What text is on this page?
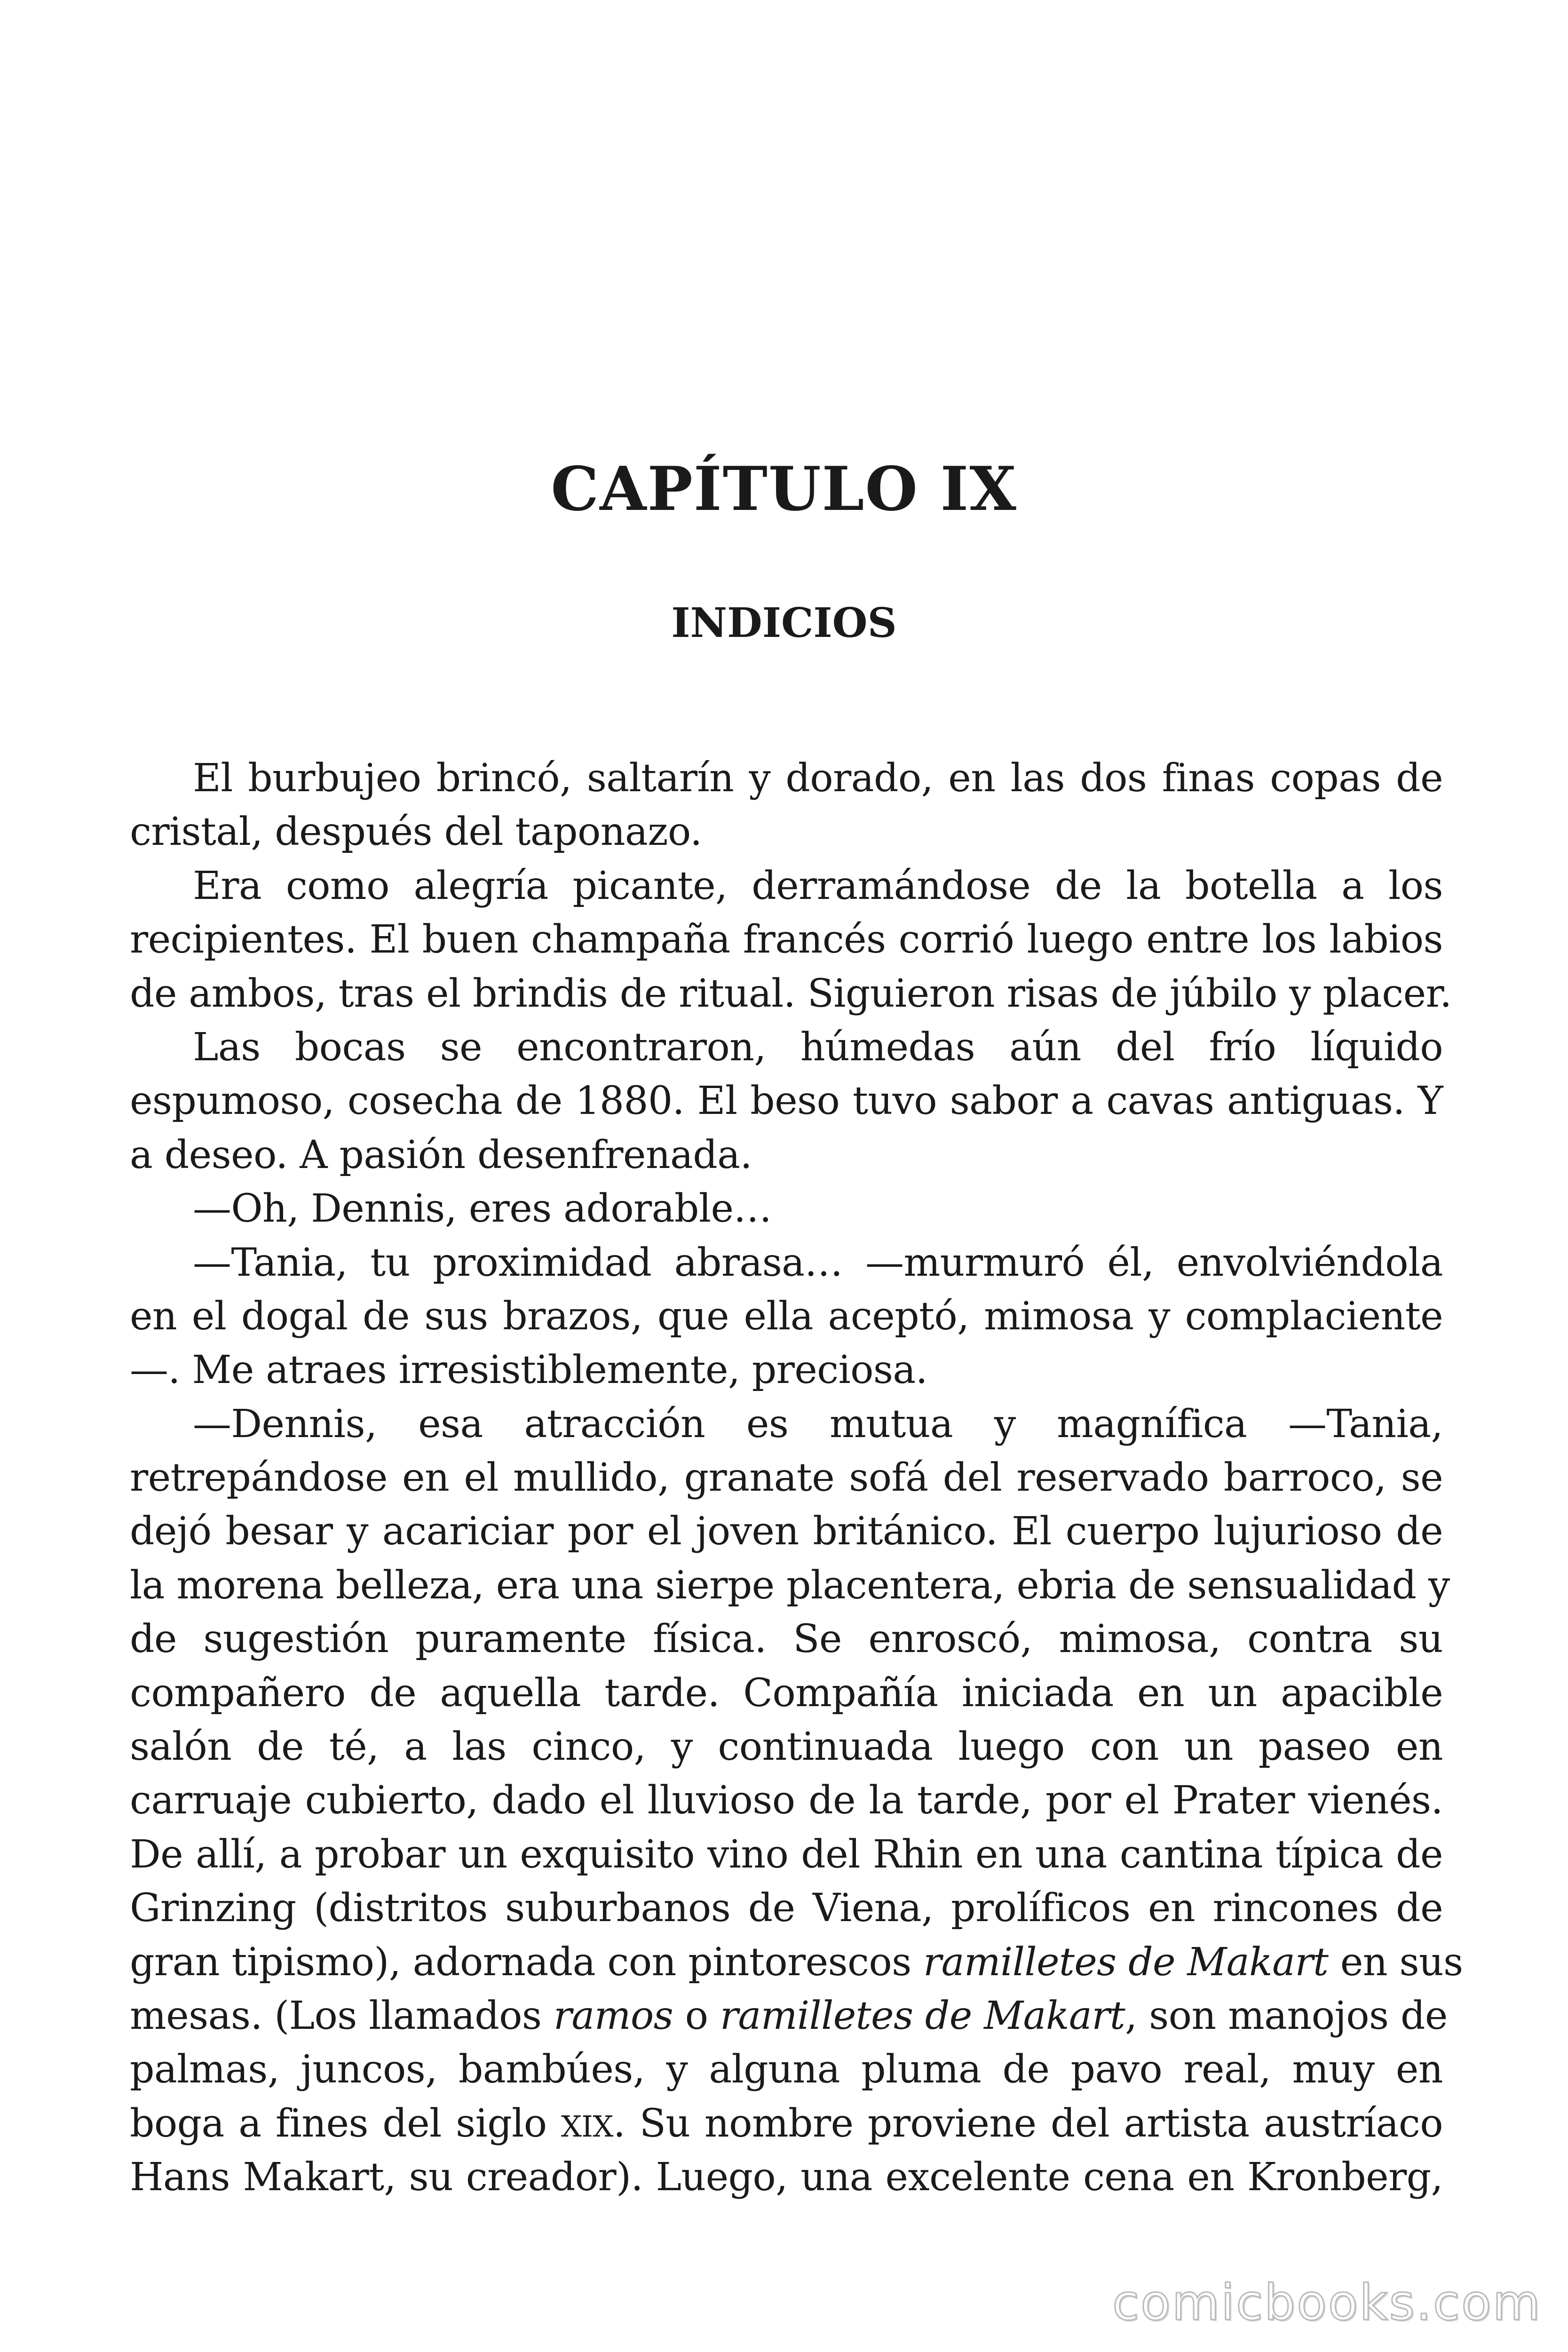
CAPÍTULO IX
INDICIOS
El burbujeo brincó, saltarín y dorado, en las dos finas copas de
cristal, después del taponazo.
Era como alegría picante, derramándose de la botella a los
recipientes. El buen champaña francés corrió luego entre los labios
de ambos, tras el brindis de ritual. Siguieron risas de júbilo y placer.
Las bocas se encontraron, húmedas aún del frío líquido
espumoso, cosecha de 1880. El beso tuvo sabor a cavas antiguas. Y
a deseo. A pasión desenfrenada.
—Oh, Dennis, eres adorable…
—Tania, tu proximidad abrasa… —murmuró él, envolviéndola
en el dogal de sus brazos, que ella aceptó, mimosa y complaciente
—. Me atraes irresistiblemente, preciosa.
—Dennis, esa atracción es mutua y magnífica —Tania,
retrepándose en el mullido, granate sofá del reservado barroco, se
dejó besar y acariciar por el joven británico. El cuerpo lujurioso de
la morena belleza, era una sierpe placentera, ebria de sensualidad y
de sugestión puramente física. Se enroscó, mimosa, contra su
compañero de aquella tarde. Compañía iniciada en un apacible
salón de té, a las cinco, y continuada luego con un paseo en
carruaje cubierto, dado el lluvioso de la tarde, por el Prater vienés.
De allí, a probar un exquisito vino del Rhin en una cantina típica de
Grinzing (distritos suburbanos de Viena, prolíficos en rincones de
gran tipismo), adornada con pintorescos ramilletes de Makart en sus
mesas. (Los llamados ramos o ramilletes de Makart, son manojos de
palmas, juncos, bambúes, y alguna pluma de pavo real, muy en
boga a fines del siglo XIX. Su nombre proviene del artista austríaco
Hans Makart, su creador). Luego, una excelente cena en Kronberg,
comicbooks.com
